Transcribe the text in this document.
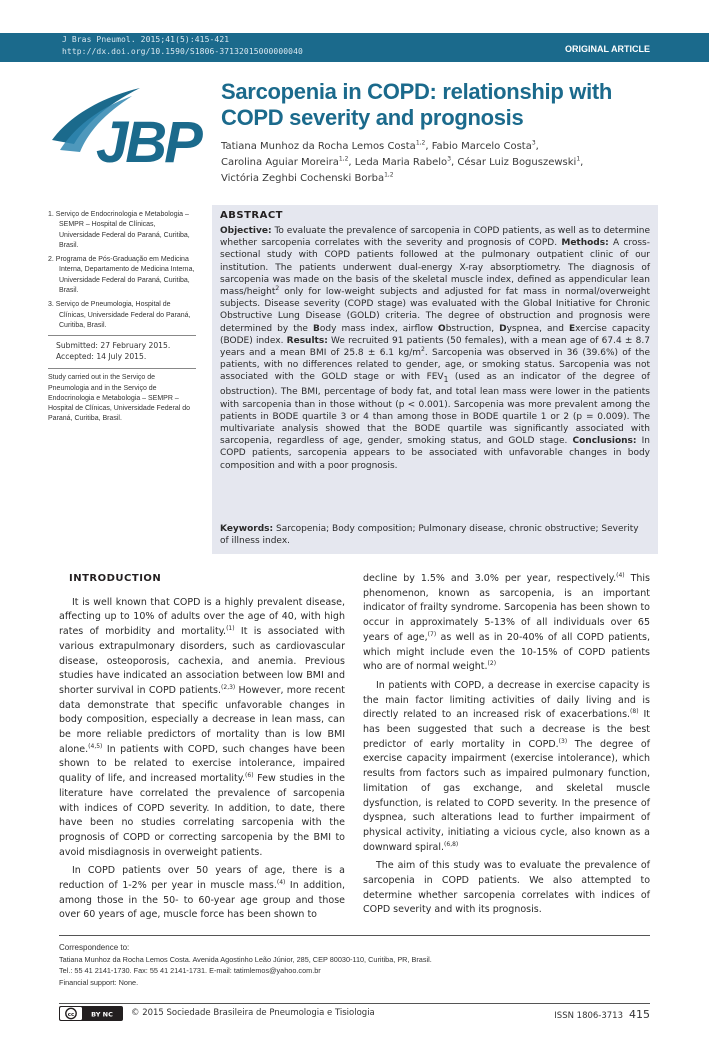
J Bras Pneumol. 2015;41(5):415-421
http://dx.doi.org/10.1590/S1806-37132015000000040	ORIGINAL ARTICLE
JBP
Sarcopenia in COPD: relationship with COPD severity and prognosis
Tatiana Munhoz da Rocha Lemos Costa$^{1,2}$, Fabio Marcelo Costa$^3$,
Carolina Aguiar Moreira$^{1,2}$, Leda Maria Rabelo$^3$, César Luiz Boguszewski$^1$,
Victória Zeghbi Cochenski Borba$^{1,2}$
1. Serviço de Endocrinologia e Metabologia – SEMPR – Hospital de Clínicas, Universidade Federal do Paraná, Curitiba, Brasil.
2. Programa de Pós-Graduação em Medicina Interna, Departamento de Medicina Interna, Universidade Federal do Paraná, Curitiba, Brasil.
3. Serviço de Pneumologia, Hospital de Clínicas, Universidade Federal do Paraná, Curitiba, Brasil.
Submitted: 27 February 2015.
Accepted: 14 July 2015.
Study carried out in the Serviço de Pneumologia and in the Serviço de Endocrinologia e Metabologia – SEMPR – Hospital de Clínicas, Universidade Federal do Paraná, Curitiba, Brasil.
ABSTRACT
Objective: To evaluate the prevalence of sarcopenia in COPD patients, as well as to determine whether sarcopenia correlates with the severity and prognosis of COPD. Methods: A cross-sectional study with COPD patients followed at the pulmonary outpatient clinic of our institution. The patients underwent dual-energy X-ray absorptiometry. The diagnosis of sarcopenia was made on the basis of the skeletal muscle index, defined as appendicular lean mass/height$^2$ only for low-weight subjects and adjusted for fat mass in normal/overweight subjects. Disease severity (COPD stage) was evaluated with the Global Initiative for Chronic Obstructive Lung Disease (GOLD) criteria. The degree of obstruction and prognosis were determined by the Body mass index, airflow Obstruction, Dyspnea, and Exercise capacity (BODE) index. Results: We recruited 91 patients (50 females), with a mean age of 67.4 ± 8.7 years and a mean BMI of 25.8 ± 6.1 $kg/m^2$. Sarcopenia was observed in 36 (39.6%) of the patients, with no differences related to gender, age, or smoking status. Sarcopenia was not associated with the GOLD stage or with $FEV_1$ (used as an indicator of the degree of obstruction). The BMI, percentage of body fat, and total lean mass were lower in the patients with sarcopenia than in those without (p < 0.001). Sarcopenia was more prevalent among the patients in BODE quartile 3 or 4 than among those in BODE quartile 1 or 2 (p = 0.009). The multivariate analysis showed that the BODE quartile was significantly associated with sarcopenia, regardless of age, gender, smoking status, and GOLD stage. Conclusions: In COPD patients, sarcopenia appears to be associated with unfavorable changes in body composition and with a poor prognosis.
Keywords: Sarcopenia; Body composition; Pulmonary disease, chronic obstructive; Severity of illness index.
INTRODUCTION

It is well known that COPD is a highly prevalent disease, affecting up to 10% of adults over the age of 40, with high rates of morbidity and mortality.$^{(1)}$ It is associated with various extrapulmonary disorders, such as cardiovascular disease, osteoporosis, cachexia, and anemia. Previous studies have indicated an association between low BMI and shorter survival in COPD patients.$^{(2,3)}$ However, more recent data demonstrate that specific unfavorable changes in body composition, especially a decrease in lean mass, can be more reliable predictors of mortality than is low BMI alone.$^{(4,5)}$ In patients with COPD, such changes have been shown to be related to exercise intolerance, impaired quality of life, and increased mortality.$^{(6)}$ Few studies in the literature have correlated the prevalence of sarcopenia with indices of COPD severity. In addition, to date, there have been no studies correlating sarcopenia with the prognosis of COPD or correcting sarcopenia by the BMI to avoid misdiagnosis in overweight patients.

In COPD patients over 50 years of age, there is a reduction of 1-2% per year in muscle mass.$^{(4)}$ In addition, among those in the 50- to 60-year age group and those over 60 years of age, muscle force has been shown to

decline by 1.5% and 3.0% per year, respectively.$^{(4)}$ This phenomenon, known as sarcopenia, is an important indicator of frailty syndrome. Sarcopenia has been shown to occur in approximately 5-13% of all individuals over 65 years of age,$^{(7)}$ as well as in 20-40% of all COPD patients, which might include even the 10-15% of COPD patients who are of normal weight.$^{(2)}$

In patients with COPD, a decrease in exercise capacity is the main factor limiting activities of daily living and is directly related to an increased risk of exacerbations.$^{(8)}$ It has been suggested that such a decrease is the best predictor of early mortality in COPD.$^{(3)}$ The degree of exercise capacity impairment (exercise intolerance), which results from factors such as impaired pulmonary function, limitation of gas exchange, and skeletal muscle dysfunction, is related to COPD severity. In the presence of dyspnea, such alterations lead to further impairment of physical activity, initiating a vicious cycle, also known as a downward spiral.$^{(6,8)}$

The aim of this study was to evaluate the prevalence of sarcopenia in COPD patients. We also attempted to determine whether sarcopenia correlates with indices of COPD severity and with its prognosis.

Correspondence to:
Tatiana Munhoz da Rocha Lemos Costa. Avenida Agostinho Leão Júnior, 285, CEP 80030-110, Curitiba, PR, Brasil.
Tel.: 55 41 2141-1730. Fax: 55 41 2141-1731. E-mail: tatimlemos@yahoo.com.br
Financial support: None.
cc	BY NC © 2015 Sociedade Brasileira de Pneumologia e Tisiologia	ISSN 1806-3713 415
